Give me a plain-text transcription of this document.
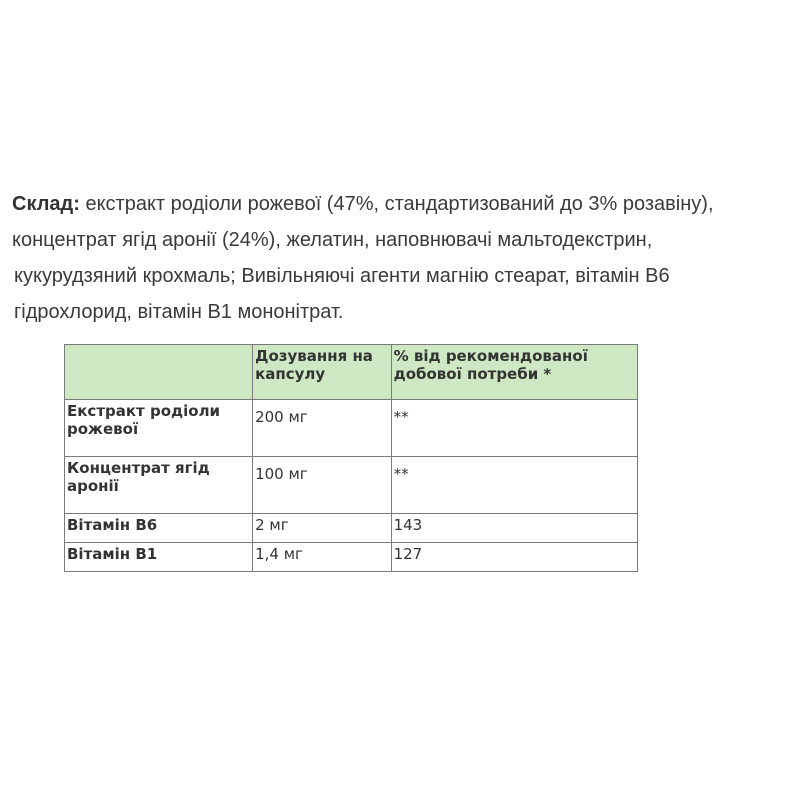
Склад: екстракт родіоли рожевої (47%, стандартизований до 3% розавіну),
концентрат ягід аронії (24%), желатин, наповнювачі мальтодекстрин,
кукурудзяний крохмаль; Вивільняючі агенти магнію стеарат, вітамін B6
гідрохлорид, вітамін B1 мононітрат.
	Дозування на капсулу	% від рекомендованої добової потреби *
Екстракт родіоли рожевої	200 мг	**
Концентрат ягід аронії	100 мг	**
Вітамін B6	2 мг	143
Вітамін B1	1,4 мг	127
